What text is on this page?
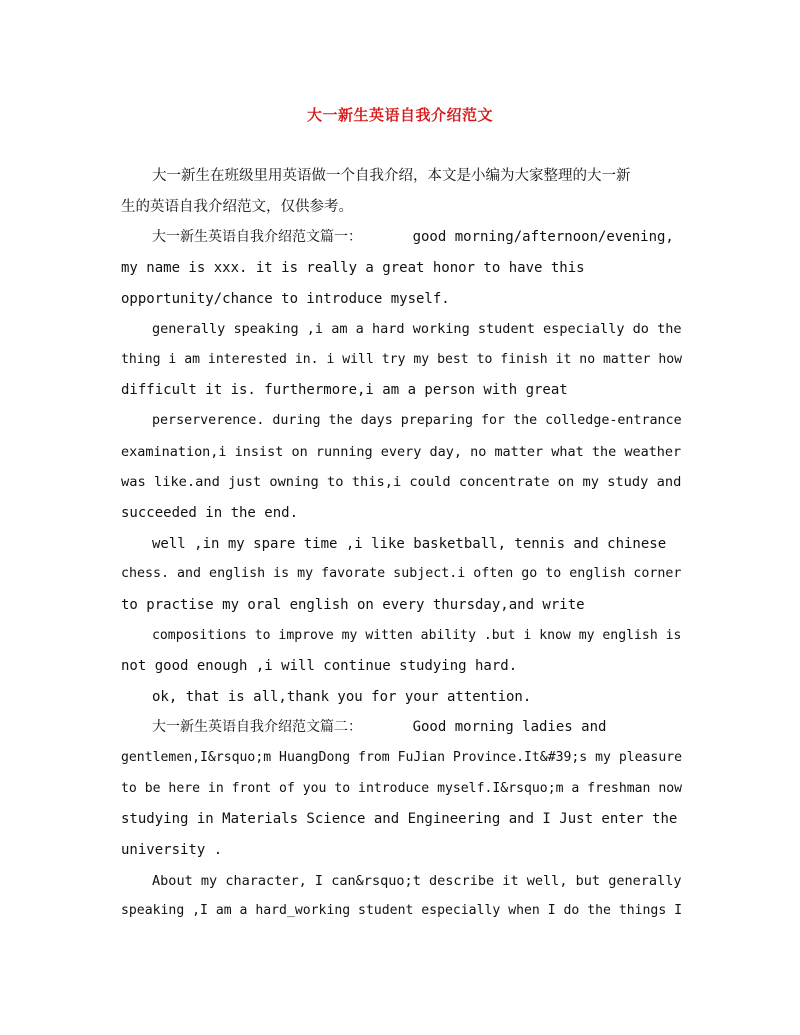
大一新生英语自我介绍范文
大一新生在班级里用英语做一个自我介绍，本文是小编为大家整理的大一新
生的英语自我介绍范文，仅供参考。
大一新生英语自我介绍范文篇一：      good morning/afternoon/evening,
my name is xxx. it is really a great honor to have this
opportunity/chance to introduce myself.
generally speaking ,i am a hard working student especially do the
thing i am interested in. i will try my best to finish it no matter how
difficult it is. furthermore,i am a person with great
perserverence. during the days preparing for the colledge-entrance
examination,i insist on running every day, no matter what the weather
was like.and just owning to this,i could concentrate on my study and
succeeded in the end.
well ,in my spare time ,i like basketball, tennis and chinese
chess. and english is my favorate subject.i often go to english corner
to practise my oral english on every thursday,and write
compositions to improve my witten ability .but i know my english is
not good enough ,i will continue studying hard.
ok, that is all,thank you for your attention.
大一新生英语自我介绍范文篇二：      Good morning ladies and
gentlemen,I&rsquo;m HuangDong from FuJian Province.It&#39;s my pleasure
to be here in front of you to introduce myself.I&rsquo;m a freshman now
studying in Materials Science and Engineering and I Just enter the
university .
About my character, I can&rsquo;t describe it well, but generally
speaking ,I am a hard_working student especially when I do the things I
